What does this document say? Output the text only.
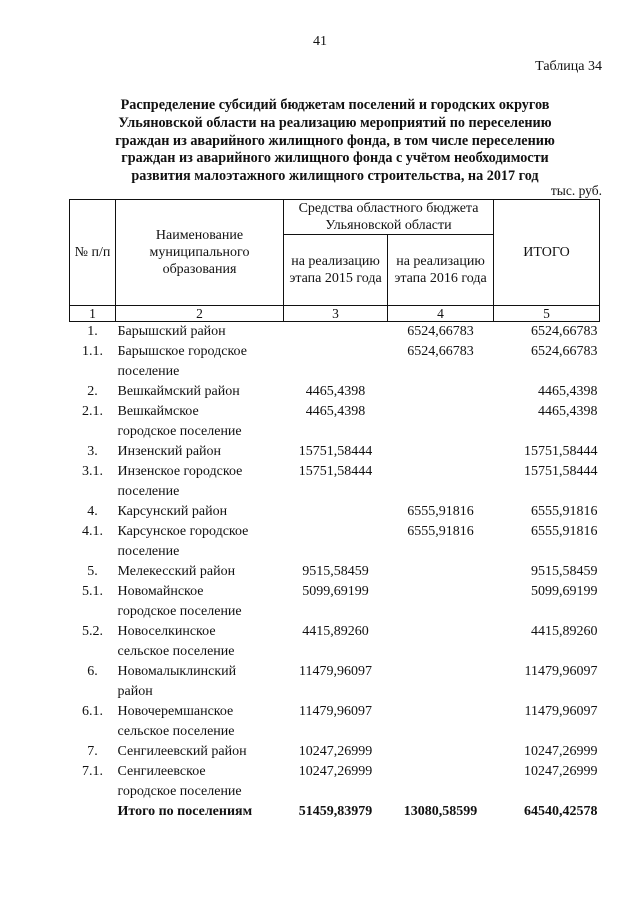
41
Таблица 34
Распределение субсидий бюджетам поселений и городских округов
Ульяновской области на реализацию мероприятий по переселению
граждан из аварийного жилищного фонда, в том числе переселению
граждан из аварийного жилищного фонда с учётом необходимости
развития малоэтажного жилищного строительства, на 2017 год
тыс. руб.
№ п/п	Наименование муниципального образования	Средства областного бюджета Ульяновской области		ИТОГО
		на реализацию этапа 2015 года	на реализацию этапа 2016 года	
1	2	3	4	5
1.	Барышский район		6524,66783	6524,66783
1.1.	Барышское городское
поселение		6524,66783	6524,66783
2.	Вешкаймский район	4465,4398		4465,4398
2.1.	Вешкаймское
городское поселение	4465,4398		4465,4398
3.	Инзенский район	15751,58444		15751,58444
3.1.	Инзенское городское
поселение	15751,58444		15751,58444
4.	Карсунский район		6555,91816	6555,91816
4.1.	Карсунское городское
поселение		6555,91816	6555,91816
5.	Мелекесский район	9515,58459		9515,58459
5.1.	Новомайнское
городское поселение	5099,69199		5099,69199
5.2.	Новоселкинское
сельское поселение	4415,89260		4415,89260
6.	Новомалыклинский
район	11479,96097		11479,96097
6.1.	Новочеремшанское
сельское поселение	11479,96097		11479,96097
7.	Сенгилеевский район	10247,26999		10247,26999
7.1.	Сенгилеевское
городское поселение	10247,26999		10247,26999
	Итого по поселениям	51459,83979	13080,58599	64540,42578
